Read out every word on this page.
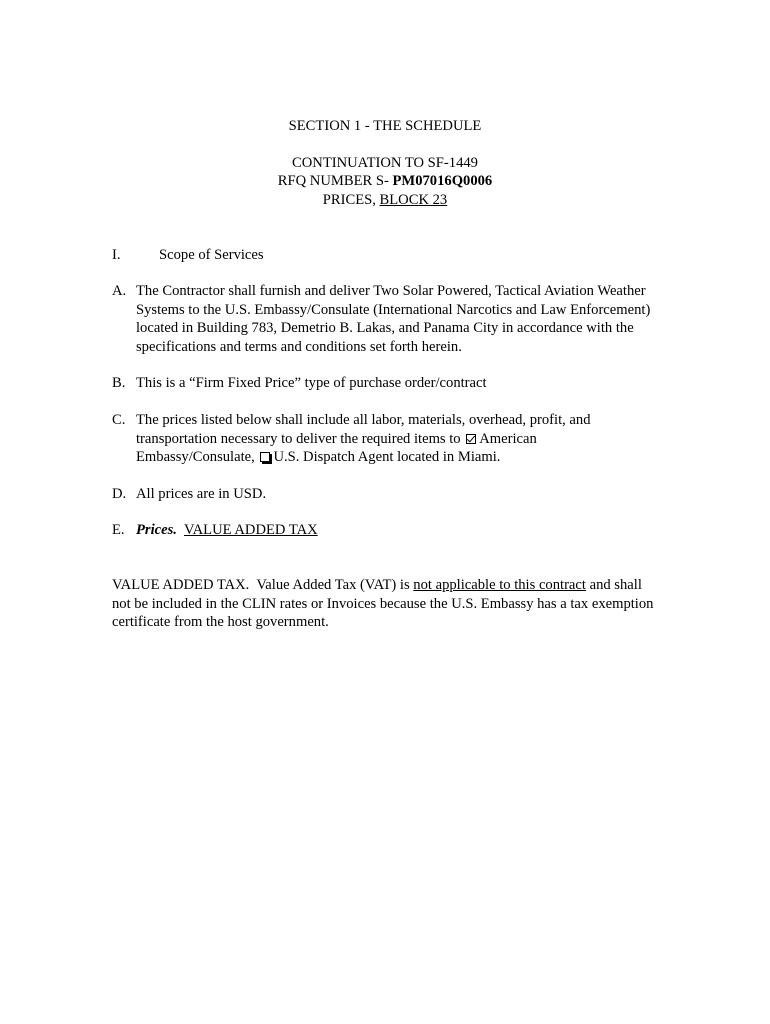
SECTION 1 - THE SCHEDULE
CONTINUATION TO SF-1449
RFQ NUMBER S- PM07016Q0006
PRICES, BLOCK 23
I.	Scope of Services
A. The Contractor shall furnish and deliver Two Solar Powered, Tactical Aviation Weather Systems to the U.S. Embassy/Consulate (International Narcotics and Law Enforcement) located in Building 783, Demetrio B. Lakas, and Panama City in accordance with the specifications and terms and conditions set forth herein.
B. This is a “Firm Fixed Price” type of purchase order/contract
C. The prices listed below shall include all labor, materials, overhead, profit, and transportation necessary to deliver the required items to American Embassy/Consulate, U.S. Dispatch Agent located in Miami.
D. All prices are in USD.
E. Prices. VALUE ADDED TAX
VALUE ADDED TAX.  Value Added Tax (VAT) is not applicable to this contract and shall not be included in the CLIN rates or Invoices because the U.S. Embassy has a tax exemption certificate from the host government.
